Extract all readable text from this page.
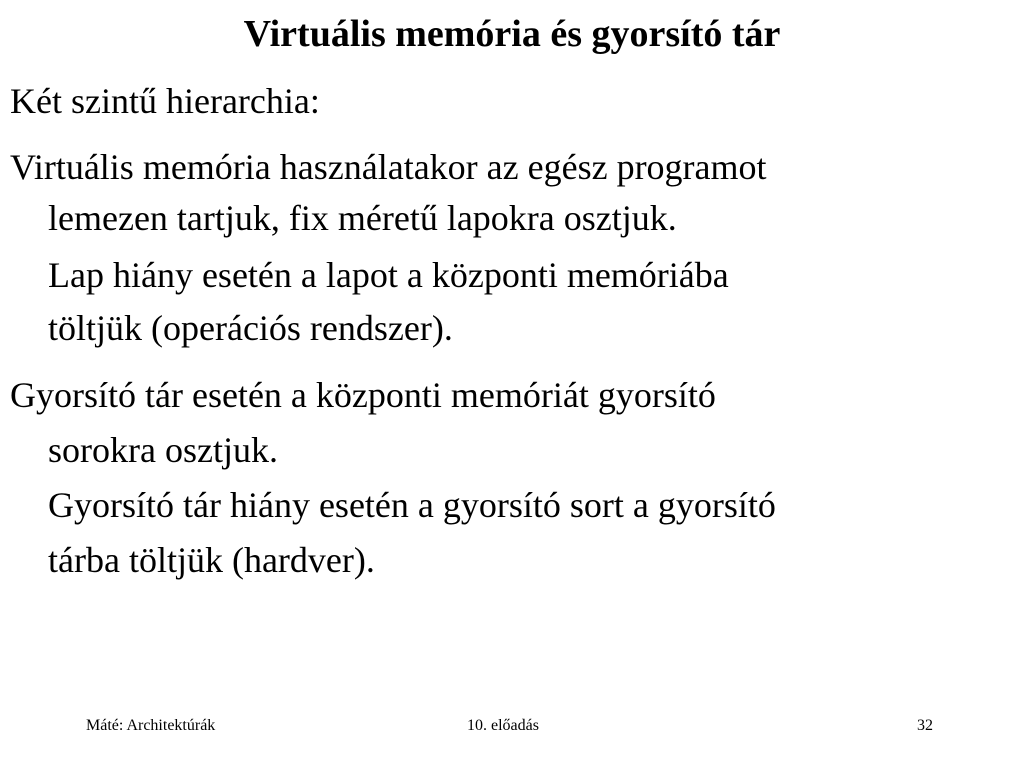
Virtuális memória és gyorsító tár
Két szintű hierarchia:
Virtuális memória használatakor az egész programot
lemezen tartjuk, fix méretű lapokra osztjuk.
Lap hiány esetén a lapot a központi memóriába
töltjük (operációs rendszer).
Gyorsító tár esetén a központi memóriát gyorsító
sorokra osztjuk.
Gyorsító tár hiány esetén a gyorsító sort a gyorsító
tárba töltjük (hardver).
Máté: Architektúrák	10. előadás	32
